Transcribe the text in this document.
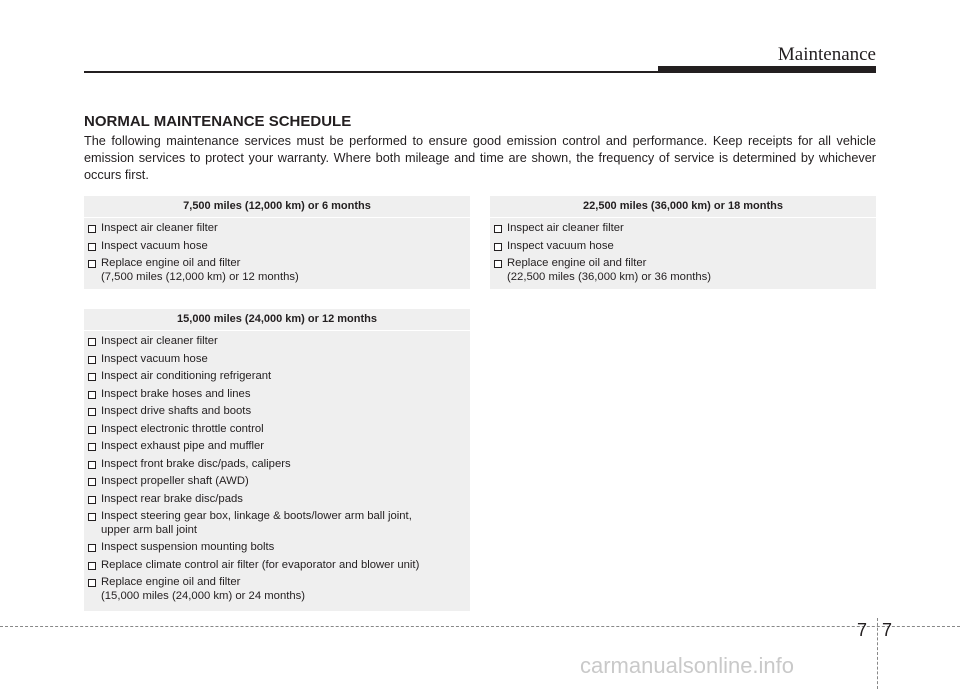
Maintenance
NORMAL MAINTENANCE SCHEDULE

The following maintenance services must be performed to ensure good emission control and performance. Keep receipts for all vehicle emission services to protect your warranty. Where both mileage and time are shown, the frequency of service is determined by whichever occurs first.

7,500 miles (12,000 km) or 6 months
Inspect air cleaner filter
Inspect vacuum hose
Replace engine oil and filter
(7,500 miles (12,000 km) or 12 months)
22,500 miles (36,000 km) or 18 months
Inspect air cleaner filter
Inspect vacuum hose
Replace engine oil and filter
(22,500 miles (36,000 km) or 36 months)
15,000 miles (24,000 km) or 12 months
Inspect air cleaner filter
Inspect vacuum hose
Inspect air conditioning refrigerant
Inspect brake hoses and lines
Inspect drive shafts and boots
Inspect electronic throttle control
Inspect exhaust pipe and muffler
Inspect front brake disc/pads, calipers
Inspect propeller shaft (AWD)
Inspect rear brake disc/pads
Inspect steering gear box, linkage & boots/lower arm ball joint,
upper arm ball joint
Inspect suspension mounting bolts
Replace climate control air filter (for evaporator and blower unit)
Replace engine oil and filter
(15,000 miles (24,000 km) or 24 months)
7 7
carmanualsonline.info
